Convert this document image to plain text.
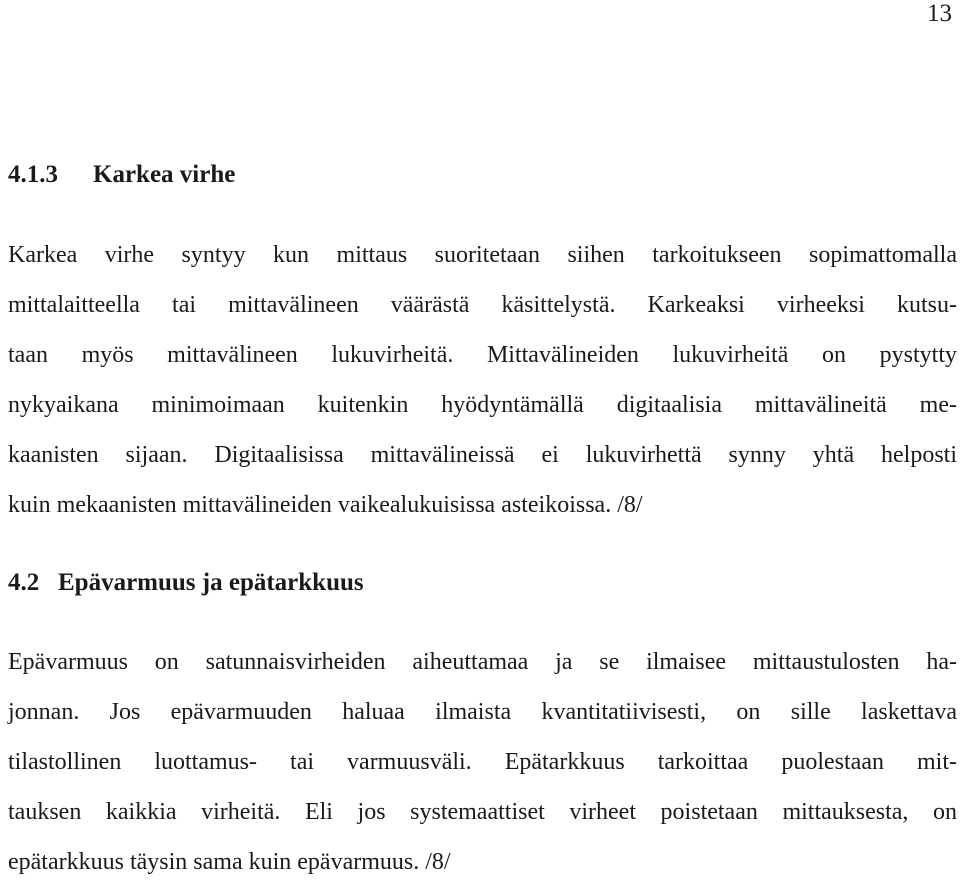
13
4.1.3 Karkea virhe
Karkea virhe syntyy kun mittaus suoritetaan siihen tarkoitukseen sopimattomalla
mittalaitteella tai mittavälineen väärästä käsittelystä. Karkeaksi virheeksi kutsu-
taan myös mittavälineen lukuvirheitä. Mittavälineiden lukuvirheitä on pystytty
nykyaikana minimoimaan kuitenkin hyödyntämällä digitaalisia mittavälineitä me-
kaanisten sijaan. Digitaalisissa mittavälineissä ei lukuvirhettä synny yhtä helposti
kuin mekaanisten mittavälineiden vaikealukuisissa asteikoissa. /8/
4.2 Epävarmuus ja epätarkkuus
Epävarmuus on satunnaisvirheiden aiheuttamaa ja se ilmaisee mittaustulosten ha-
jonnan. Jos epävarmuuden haluaa ilmaista kvantitatiivisesti, on sille laskettava
tilastollinen luottamus- tai varmuusväli. Epätarkkuus tarkoittaa puolestaan mit-
tauksen kaikkia virheitä. Eli jos systemaattiset virheet poistetaan mittauksesta, on
epätarkkuus täysin sama kuin epävarmuus. /8/
